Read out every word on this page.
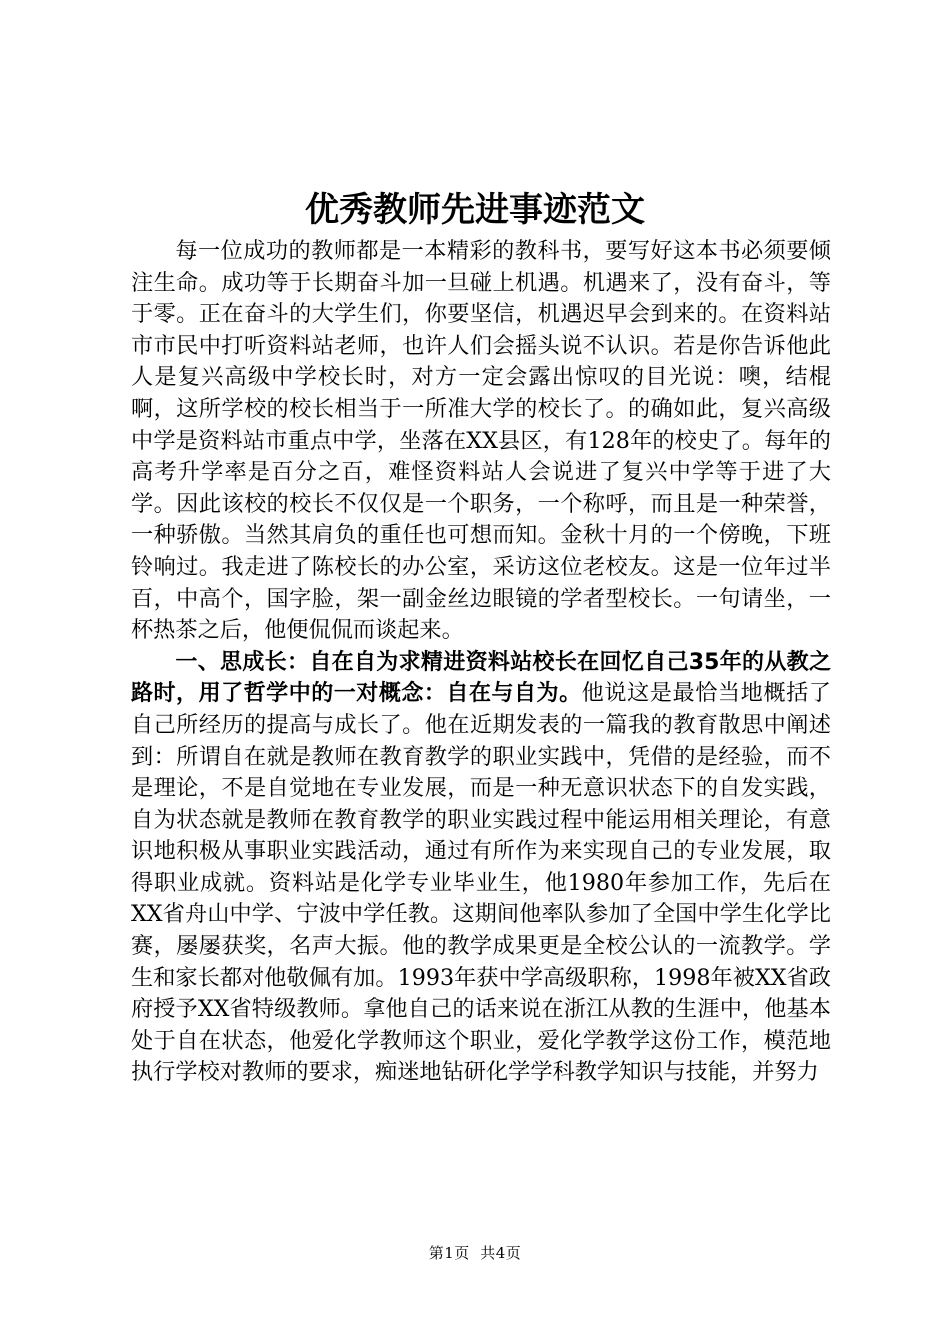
优秀教师先进事迹范文

每一位成功的教师都是一本精彩的教科书，要写好这本书必须要倾注生命。成功等于长期奋斗加一旦碰上机遇。机遇来了，没有奋斗，等于零。正在奋斗的大学生们，你要坚信，机遇迟早会到来的。在资料站市市民中打听资料站老师，也许人们会摇头说不认识。若是你告诉他此人是复兴高级中学校长时，对方一定会露出惊叹的目光说：噢，结棍啊，这所学校的校长相当于一所准大学的校长了。的确如此，复兴高级中学是资料站市重点中学，坐落在XX县区，有128年的校史了。每年的高考升学率是百分之百，难怪资料站人会说进了复兴中学等于进了大学。因此该校的校长不仅仅是一个职务，一个称呼，而且是一种荣誉，一种骄傲。当然其肩负的重任也可想而知。金秋十月的一个傍晚，下班铃响过。我走进了陈校长的办公室，采访这位老校友。这是一位年过半百，中高个，国字脸，架一副金丝边眼镜的学者型校长。一句请坐，一杯热茶之后，他便侃侃而谈起来。

一、思成长：自在自为求精进资料站校长在回忆自己35年的从教之路时，用了哲学中的一对概念：自在与自为。他说这是最恰当地概括了自己所经历的提高与成长了。他在近期发表的一篇我的教育散思中阐述到：所谓自在就是教师在教育教学的职业实践中，凭借的是经验，而不是理论，不是自觉地在专业发展，而是一种无意识状态下的自发实践，自为状态就是教师在教育教学的职业实践过程中能运用相关理论，有意识地积极从事职业实践活动，通过有所作为来实现自己的专业发展，取得职业成就。资料站是化学专业毕业生，他1980年参加工作，先后在XX省舟山中学、宁波中学任教。这期间他率队参加了全国中学生化学比赛，屡屡获奖，名声大振。他的教学成果更是全校公认的一流教学。学生和家长都对他敬佩有加。1993年获中学高级职称，1998年被XX省政府授予XX省特级教师。拿他自己的话来说在浙江从教的生涯中，他基本处于自在状态，他爱化学教师这个职业，爱化学教学这份工作，模范地执行学校对教师的要求，痴迷地钻研化学学科教学知识与技能，并努力

第1页  共4页
